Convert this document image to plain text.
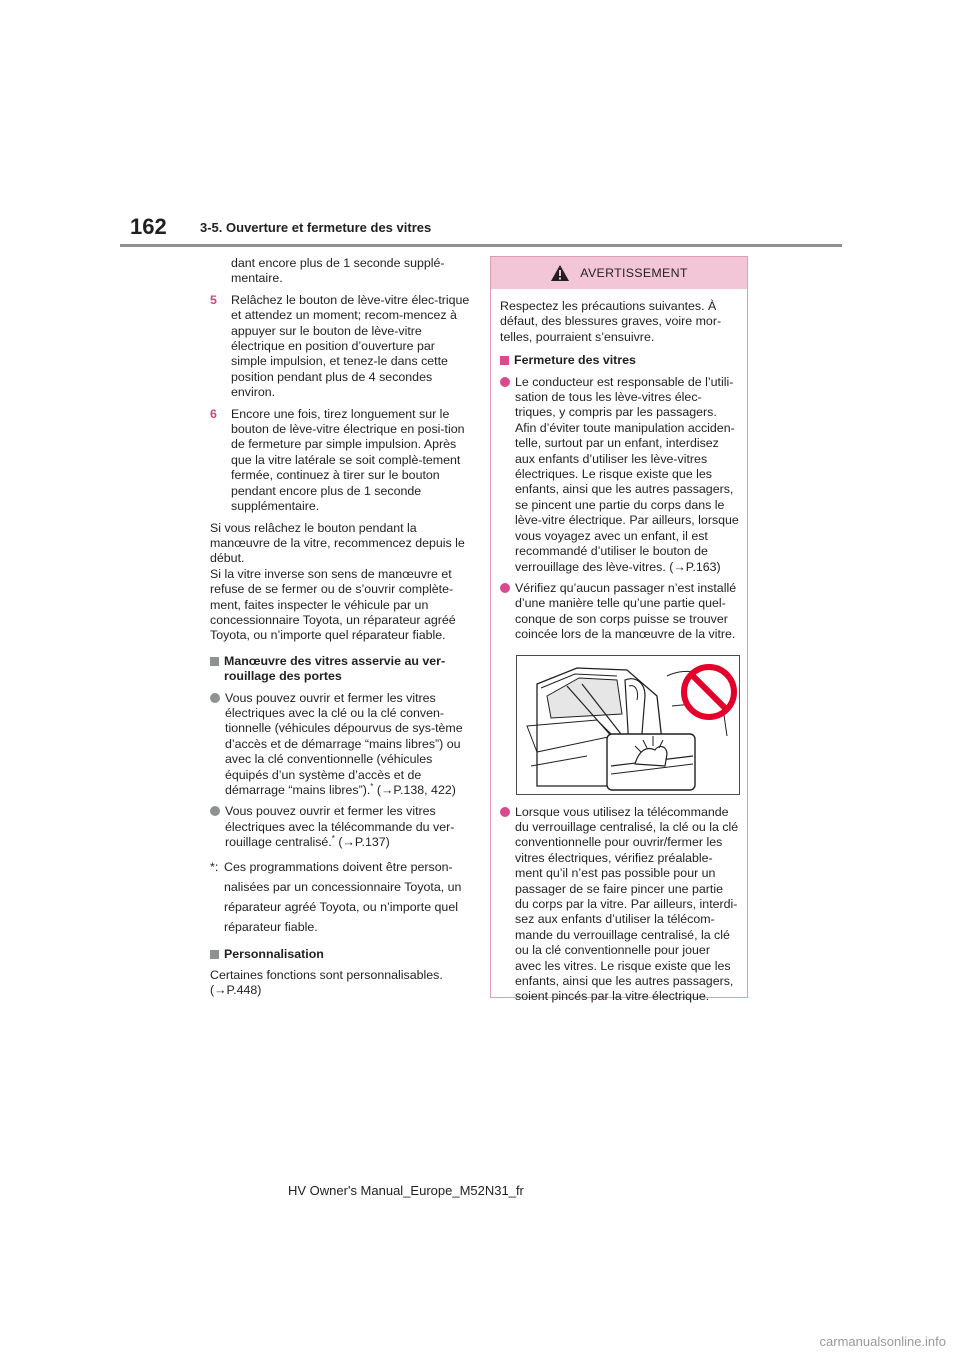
162	3-5. Ouverture et fermeture des vitres

dant encore plus de 1 seconde supplé-mentaire.

5	Relâchez le bouton de lève-vitre élec-trique et attendez un moment; recom-mencez à appuyer sur le bouton de lève-vitre électrique en position d’ouverture par simple impulsion, et tenez-le dans cette position pendant plus de 4 secondes environ.
6	Encore une fois, tirez longuement sur le bouton de lève-vitre électrique en posi-tion de fermeture par simple impulsion. Après que la vitre latérale se soit complè-tement fermée, continuez à tirer sur le bouton pendant encore plus de 1 seconde supplémentaire.

Si vous relâchez le bouton pendant la manœuvre de la vitre, recommencez depuis le début.

Si la vitre inverse son sens de manœuvre et refuse de se fermer ou de s’ouvrir complète-ment, faites inspecter le véhicule par un concessionnaire Toyota, un réparateur agréé Toyota, ou n’importe quel réparateur fiable.

Manœuvre des vitres asservie au ver-rouillage des portes
Vous pouvez ouvrir et fermer les vitres électriques avec la clé ou la clé conven-tionnelle (véhicules dépourvus de sys-tème d’accès et de démarrage “mains libres”) ou avec la clé conventionnelle (véhicules équipés d’un système d’accès et de démarrage “mains libres”).* (→P.138, 422)
Vous pouvez ouvrir et fermer les vitres électriques avec la télécommande du ver-rouillage centralisé.* (→P.137)
*: Ces programmations doivent être person-nalisées par un concessionnaire Toyota, un réparateur agréé Toyota, ou n’importe quel réparateur fiable.
Personnalisation

Certaines fonctions sont personnalisables.
(→P.448)

AVERTISSEMENT

Respectez les précautions suivantes. À défaut, des blessures graves, voire mor-telles, pourraient s’ensuivre.

Fermeture des vitres
Le conducteur est responsable de l’utili-sation de tous les lève-vitres élec-triques, y compris par les passagers. Afin d’éviter toute manipulation acciden-telle, surtout par un enfant, interdisez aux enfants d’utiliser les lève-vitres électriques. Le risque existe que les enfants, ainsi que les autres passagers, se pincent une partie du corps dans le lève-vitre électrique. Par ailleurs, lorsque vous voyagez avec un enfant, il est recommandé d’utiliser le bouton de verrouillage des lève-vitres. (→P.163)
Vérifiez qu’aucun passager n’est installé d’une manière telle qu’une partie quel-conque de son corps puisse se trouver coincée lors de la manœuvre de la vitre.
Lorsque vous utilisez la télécommande du verrouillage centralisé, la clé ou la clé conventionnelle pour ouvrir/fermer les vitres électriques, vérifiez préalable-ment qu’il n’est pas possible pour un passager de se faire pincer une partie du corps par la vitre. Par ailleurs, interdi-sez aux enfants d’utiliser la télécom-mande du verrouillage centralisé, la clé ou la clé conventionnelle pour jouer avec les vitres. Le risque existe que les enfants, ainsi que les autres passagers, soient pincés par la vitre électrique.
HV Owner's Manual_Europe_M52N31_fr
carmanualsonline.info
